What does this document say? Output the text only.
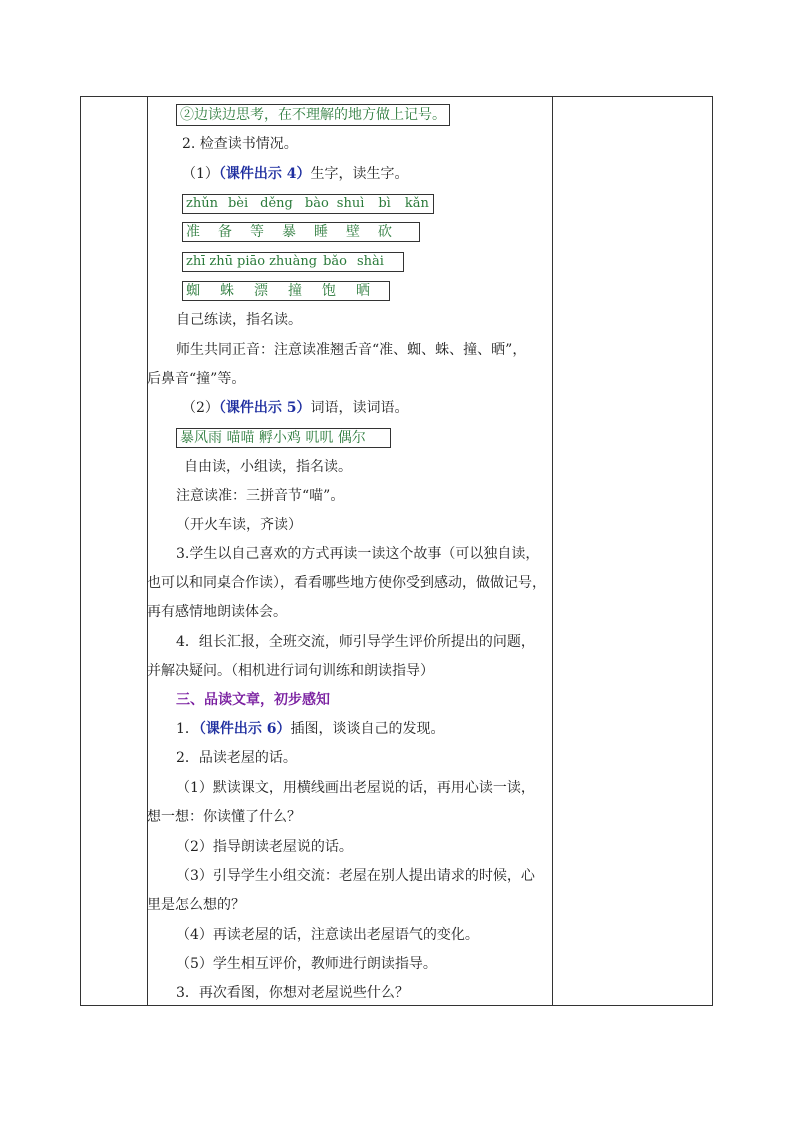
②边读边思考，在不理解的地方做上记号。
2. 检查读书情况。
（1）（课件出示 4）生字，读生字。
zhǔn bèi děng bào shuì bì kǎn
准 备 等 暴 睡 壁 砍
zhī zhū piāo zhuàng bǎo shài
蜘 蛛 漂 撞 饱 晒
自己练读，指名读。
师生共同正音：注意读准翘舌音“准、蜘、蛛、撞、晒”，
后鼻音“撞”等。
（2）（课件出示 5）词语，读词语。
暴风雨 喵喵 孵小鸡 叽叽 偶尔
自由读，小组读，指名读。
注意读准：三拼音节“喵”。
（开火车读，齐读）
3.学生以自己喜欢的方式再读一读这个故事（可以独自读，
也可以和同桌合作读），看看哪些地方使你受到感动，做做记号，
再有感情地朗读体会。
4．组长汇报，全班交流，师引导学生评价所提出的问题，
并解决疑问。（相机进行词句训练和朗读指导）
三、品读文章，初步感知
1．（课件出示 6）插图，谈谈自己的发现。
2．品读老屋的话。
（1）默读课文，用横线画出老屋说的话，再用心读一读，
想一想：你读懂了什么？
（2）指导朗读老屋说的话。
（3）引导学生小组交流：老屋在别人提出请求的时候，心
里是怎么想的？
（4）再读老屋的话，注意读出老屋语气的变化。
（5）学生相互评价，教师进行朗读指导。
3．再次看图，你想对老屋说些什么？
